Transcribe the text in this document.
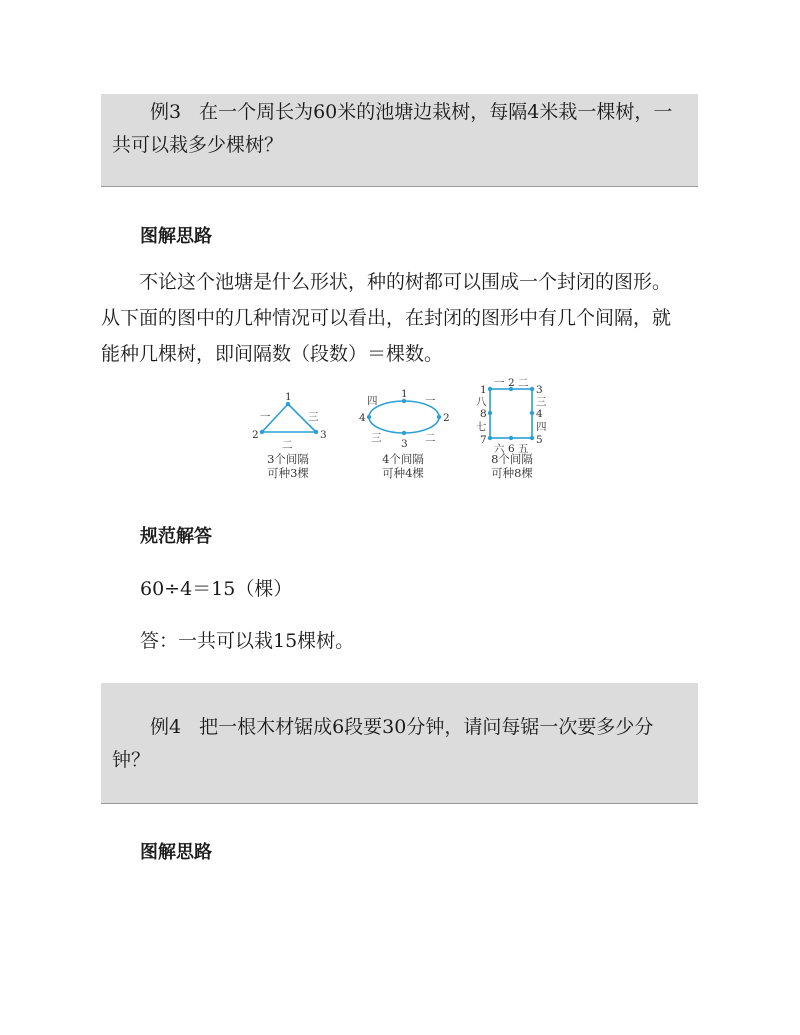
例3 在一个周长为60米的池塘边栽树，每隔4米栽一棵树，一

共可以栽多少棵树？

图解思路
不论这个池塘是什么形状，种的树都可以围成一个封闭的图形。
从下面的图中的几种情况可以看出，在封闭的图形中有几个间隔，就
能种几棵树，即间隔数（段数）＝棵数。
1
2	3
一
二
三
3个间隔
可种3棵
1
2
3
4
一
二
三
四
4个间隔
可种4棵
1
2
3
4
5
6
7
8
一 二
三
四
五
六
七
八
8个间隔
可种8棵
规范解答

60÷4＝15（棵）

答：一共可以栽15棵树。

例4 把一根木材锯成6段要30分钟，请问每锯一次要多少分

钟？

图解思路
